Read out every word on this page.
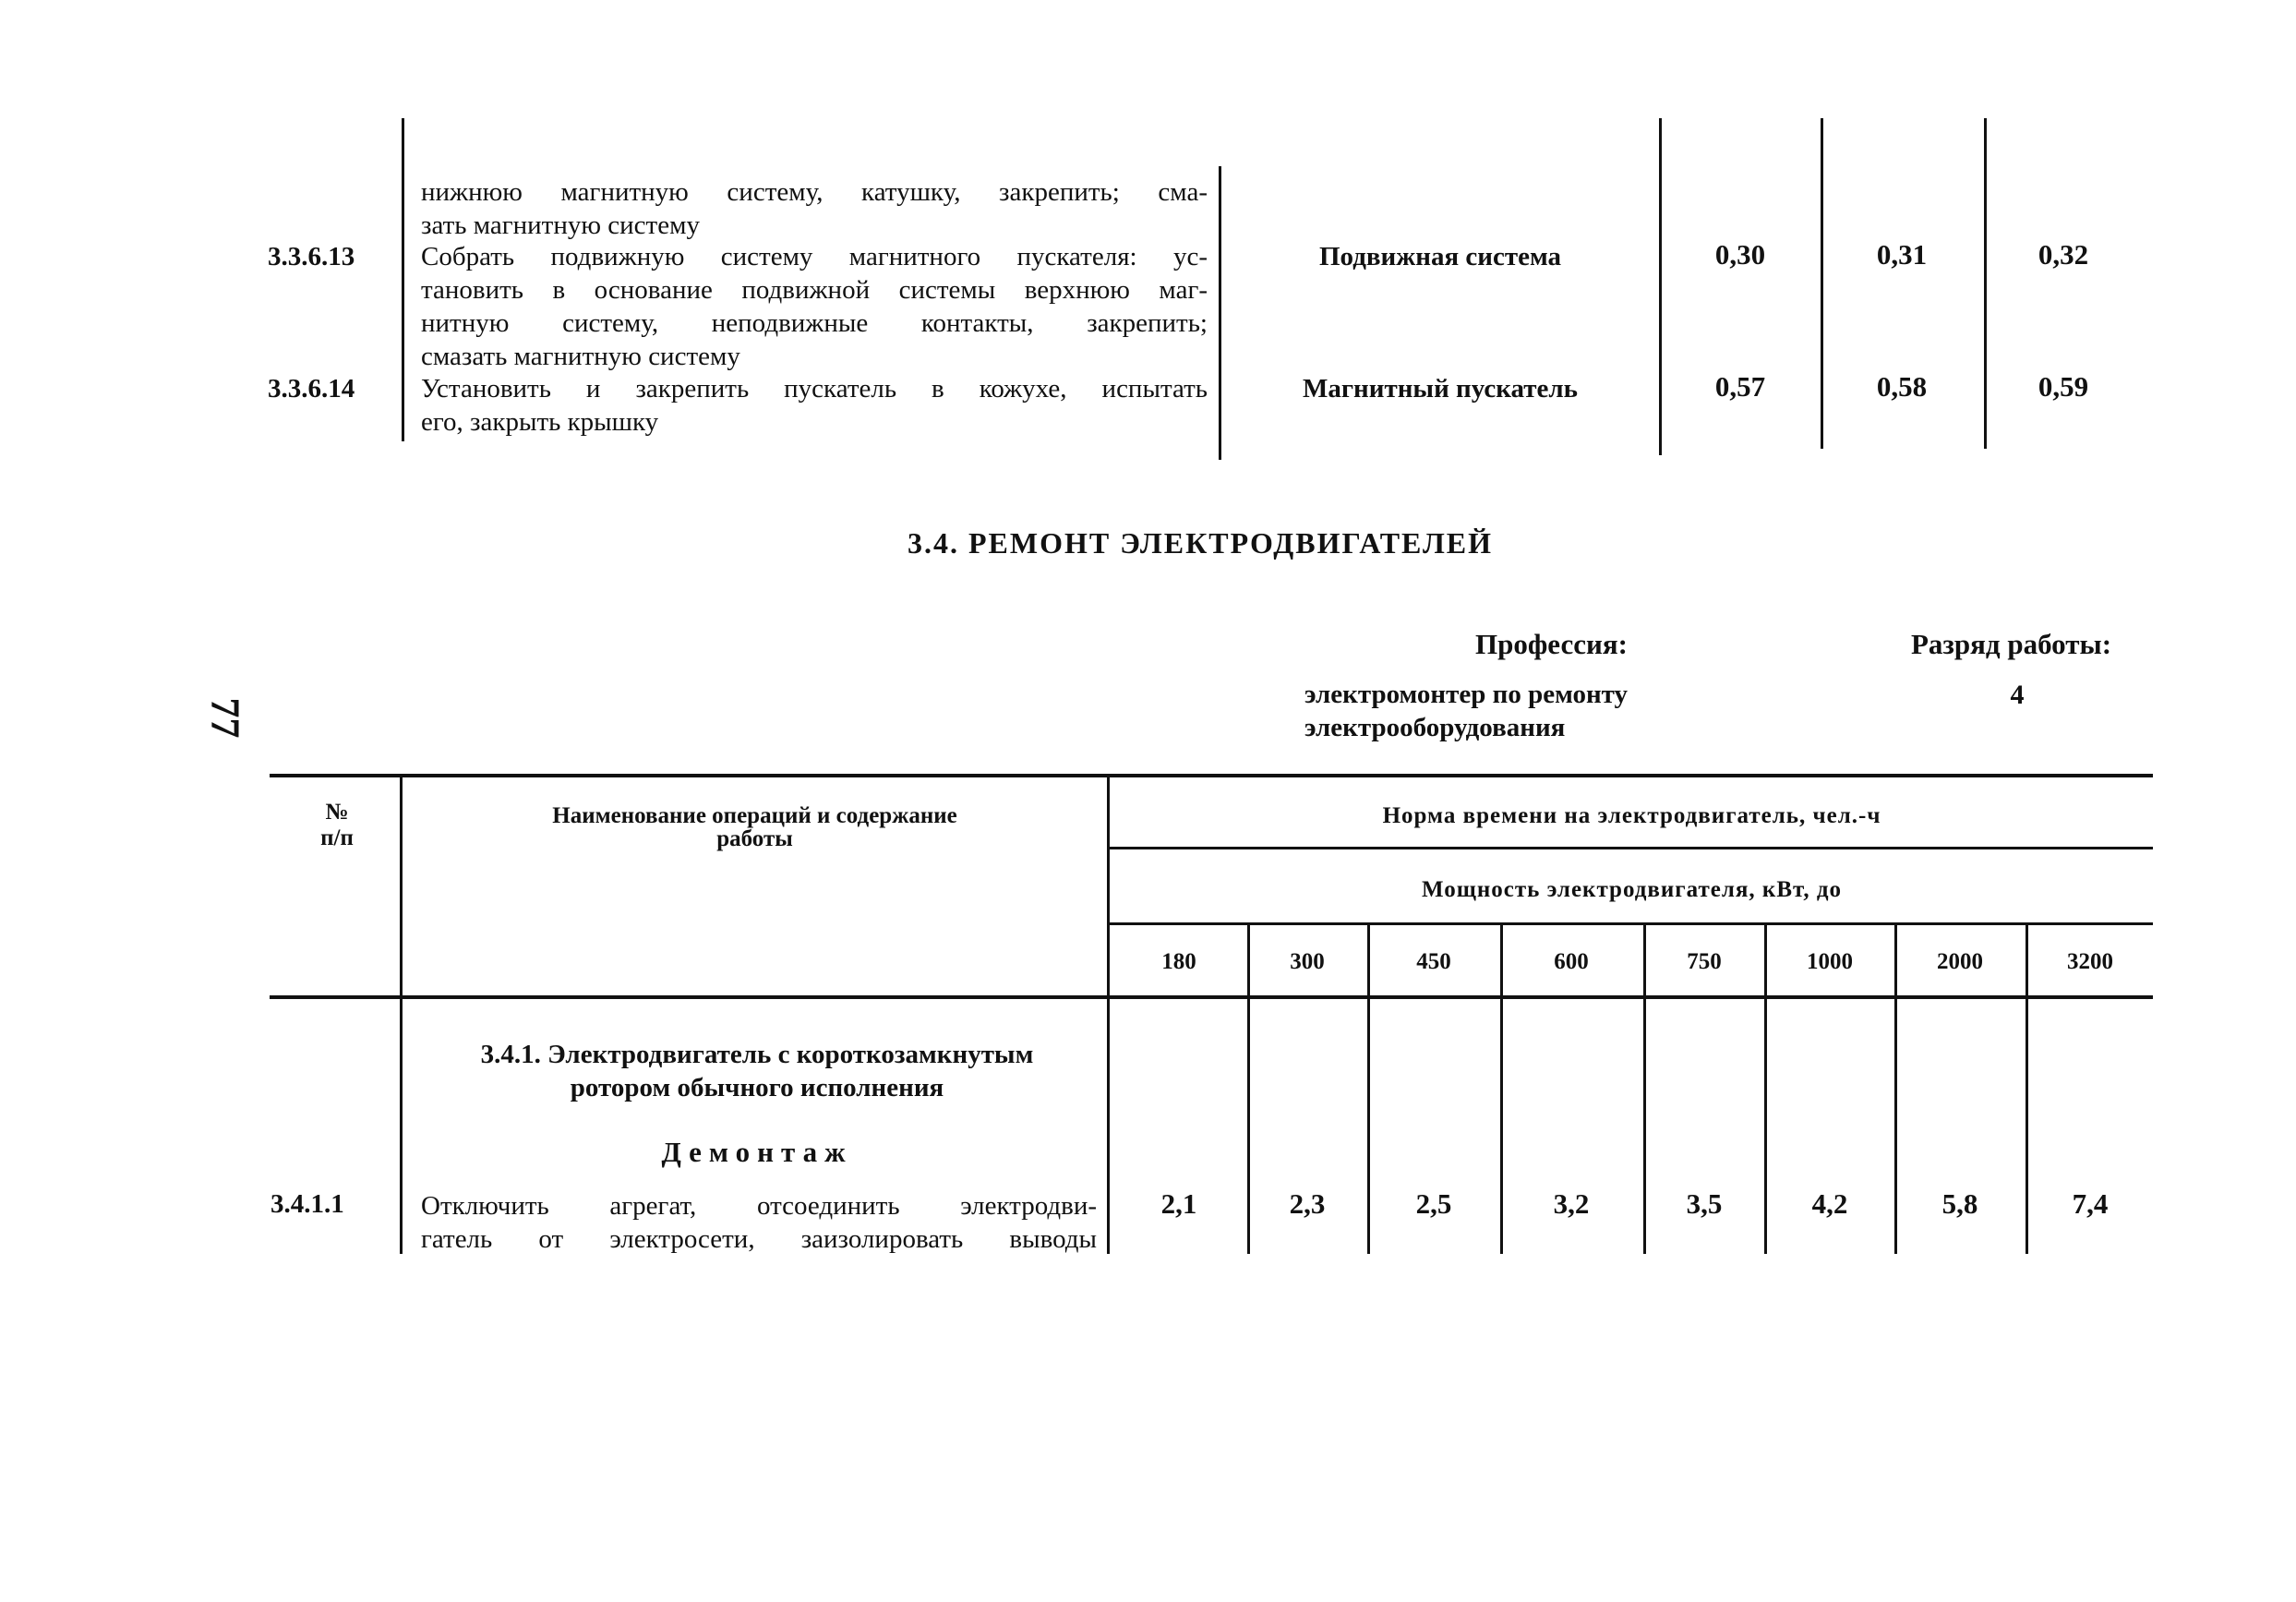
нижнюю магнитную систему, катушку, закрепить; сма-
зать магнитную систему
3.3.6.13 Собрать подвижную систему магнитного пускателя: ус-
тановить в основание подвижной системы верхнюю маг-
нитную систему, неподвижные контакты, закрепить;
смазать магнитную систему
Подвижная система	0,30	0,31	0,32
3.3.6.14 Установить и закрепить пускатель в кожухе, испытать
его, закрыть крышку
Магнитный пускатель	0,57	0,58	0,59
3.4. РЕМОНТ ЭЛЕКТРОДВИГАТЕЛЕЙ
77
Профессия:
электромонтер по ремонту
электрооборудования
Разряд работы:
4
№
п/п
Наименование операций и содержание
работы
Норма времени на электродвигатель, чел.-ч
Мощность электродвигателя, кВт, до
180	300	450	600	750	1000	2000	3200
3.4.1. Электродвигатель с короткозамкнутым
ротором обычного исполнения
Демонтаж
3.4.1.1	Отключить агрегат, отсоединить электродви-
гатель от электросети, заизолировать выводы
2,1	2,3	2,5	3,2	3,5	4,2	5,8	7,4
